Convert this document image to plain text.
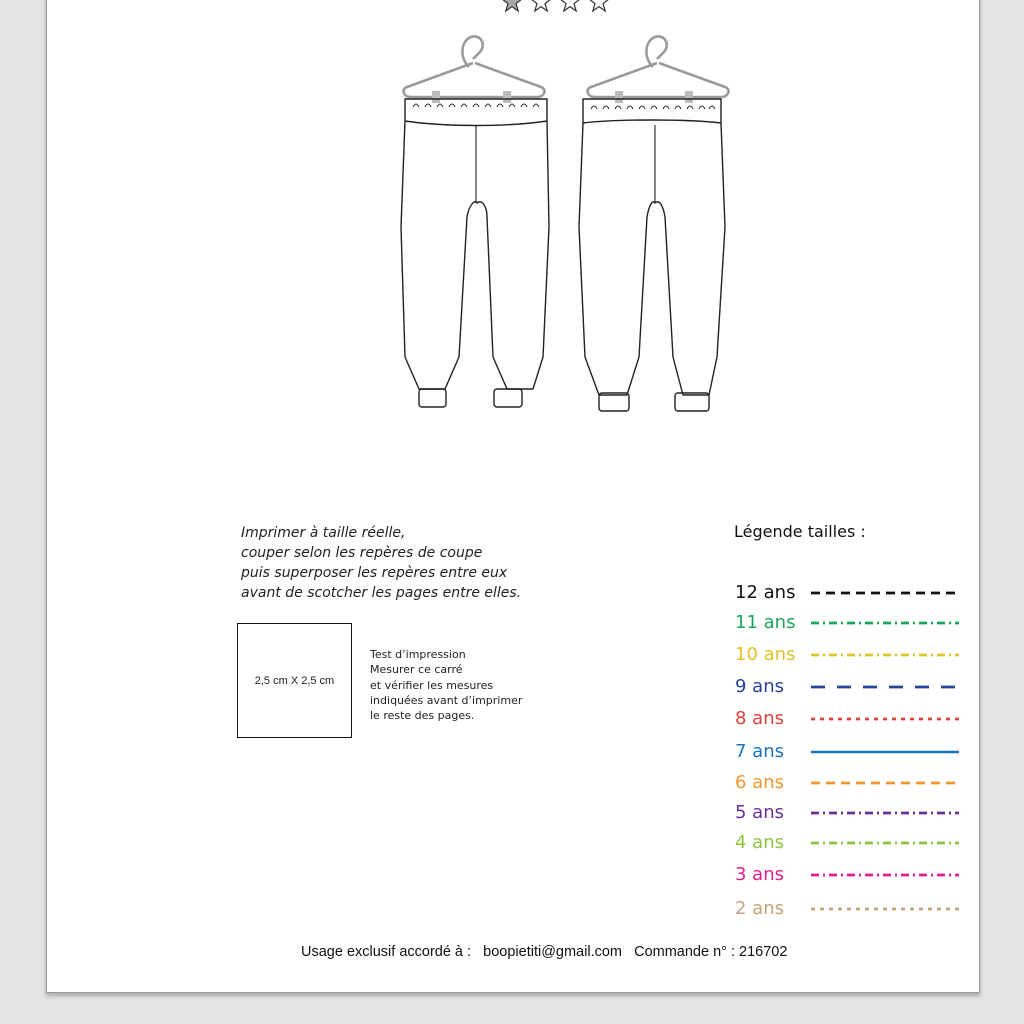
Imprimer à taille réelle,
couper selon les repères de coupe
puis superposer les repères entre eux
avant de scotcher les pages entre elles.
2,5 cm X 2,5 cm
Test d’impression
Mesurer ce carré
et vérifier les mesures
indiquées avant d’imprimer
le reste des pages.
Légende tailles :
12 ans
11 ans
10 ans
9 ans
8 ans
7 ans
6 ans
5 ans
4 ans
3 ans
2 ans
Usage exclusif accordé à : boopietiti@gmail.com Commande n° : 216702
